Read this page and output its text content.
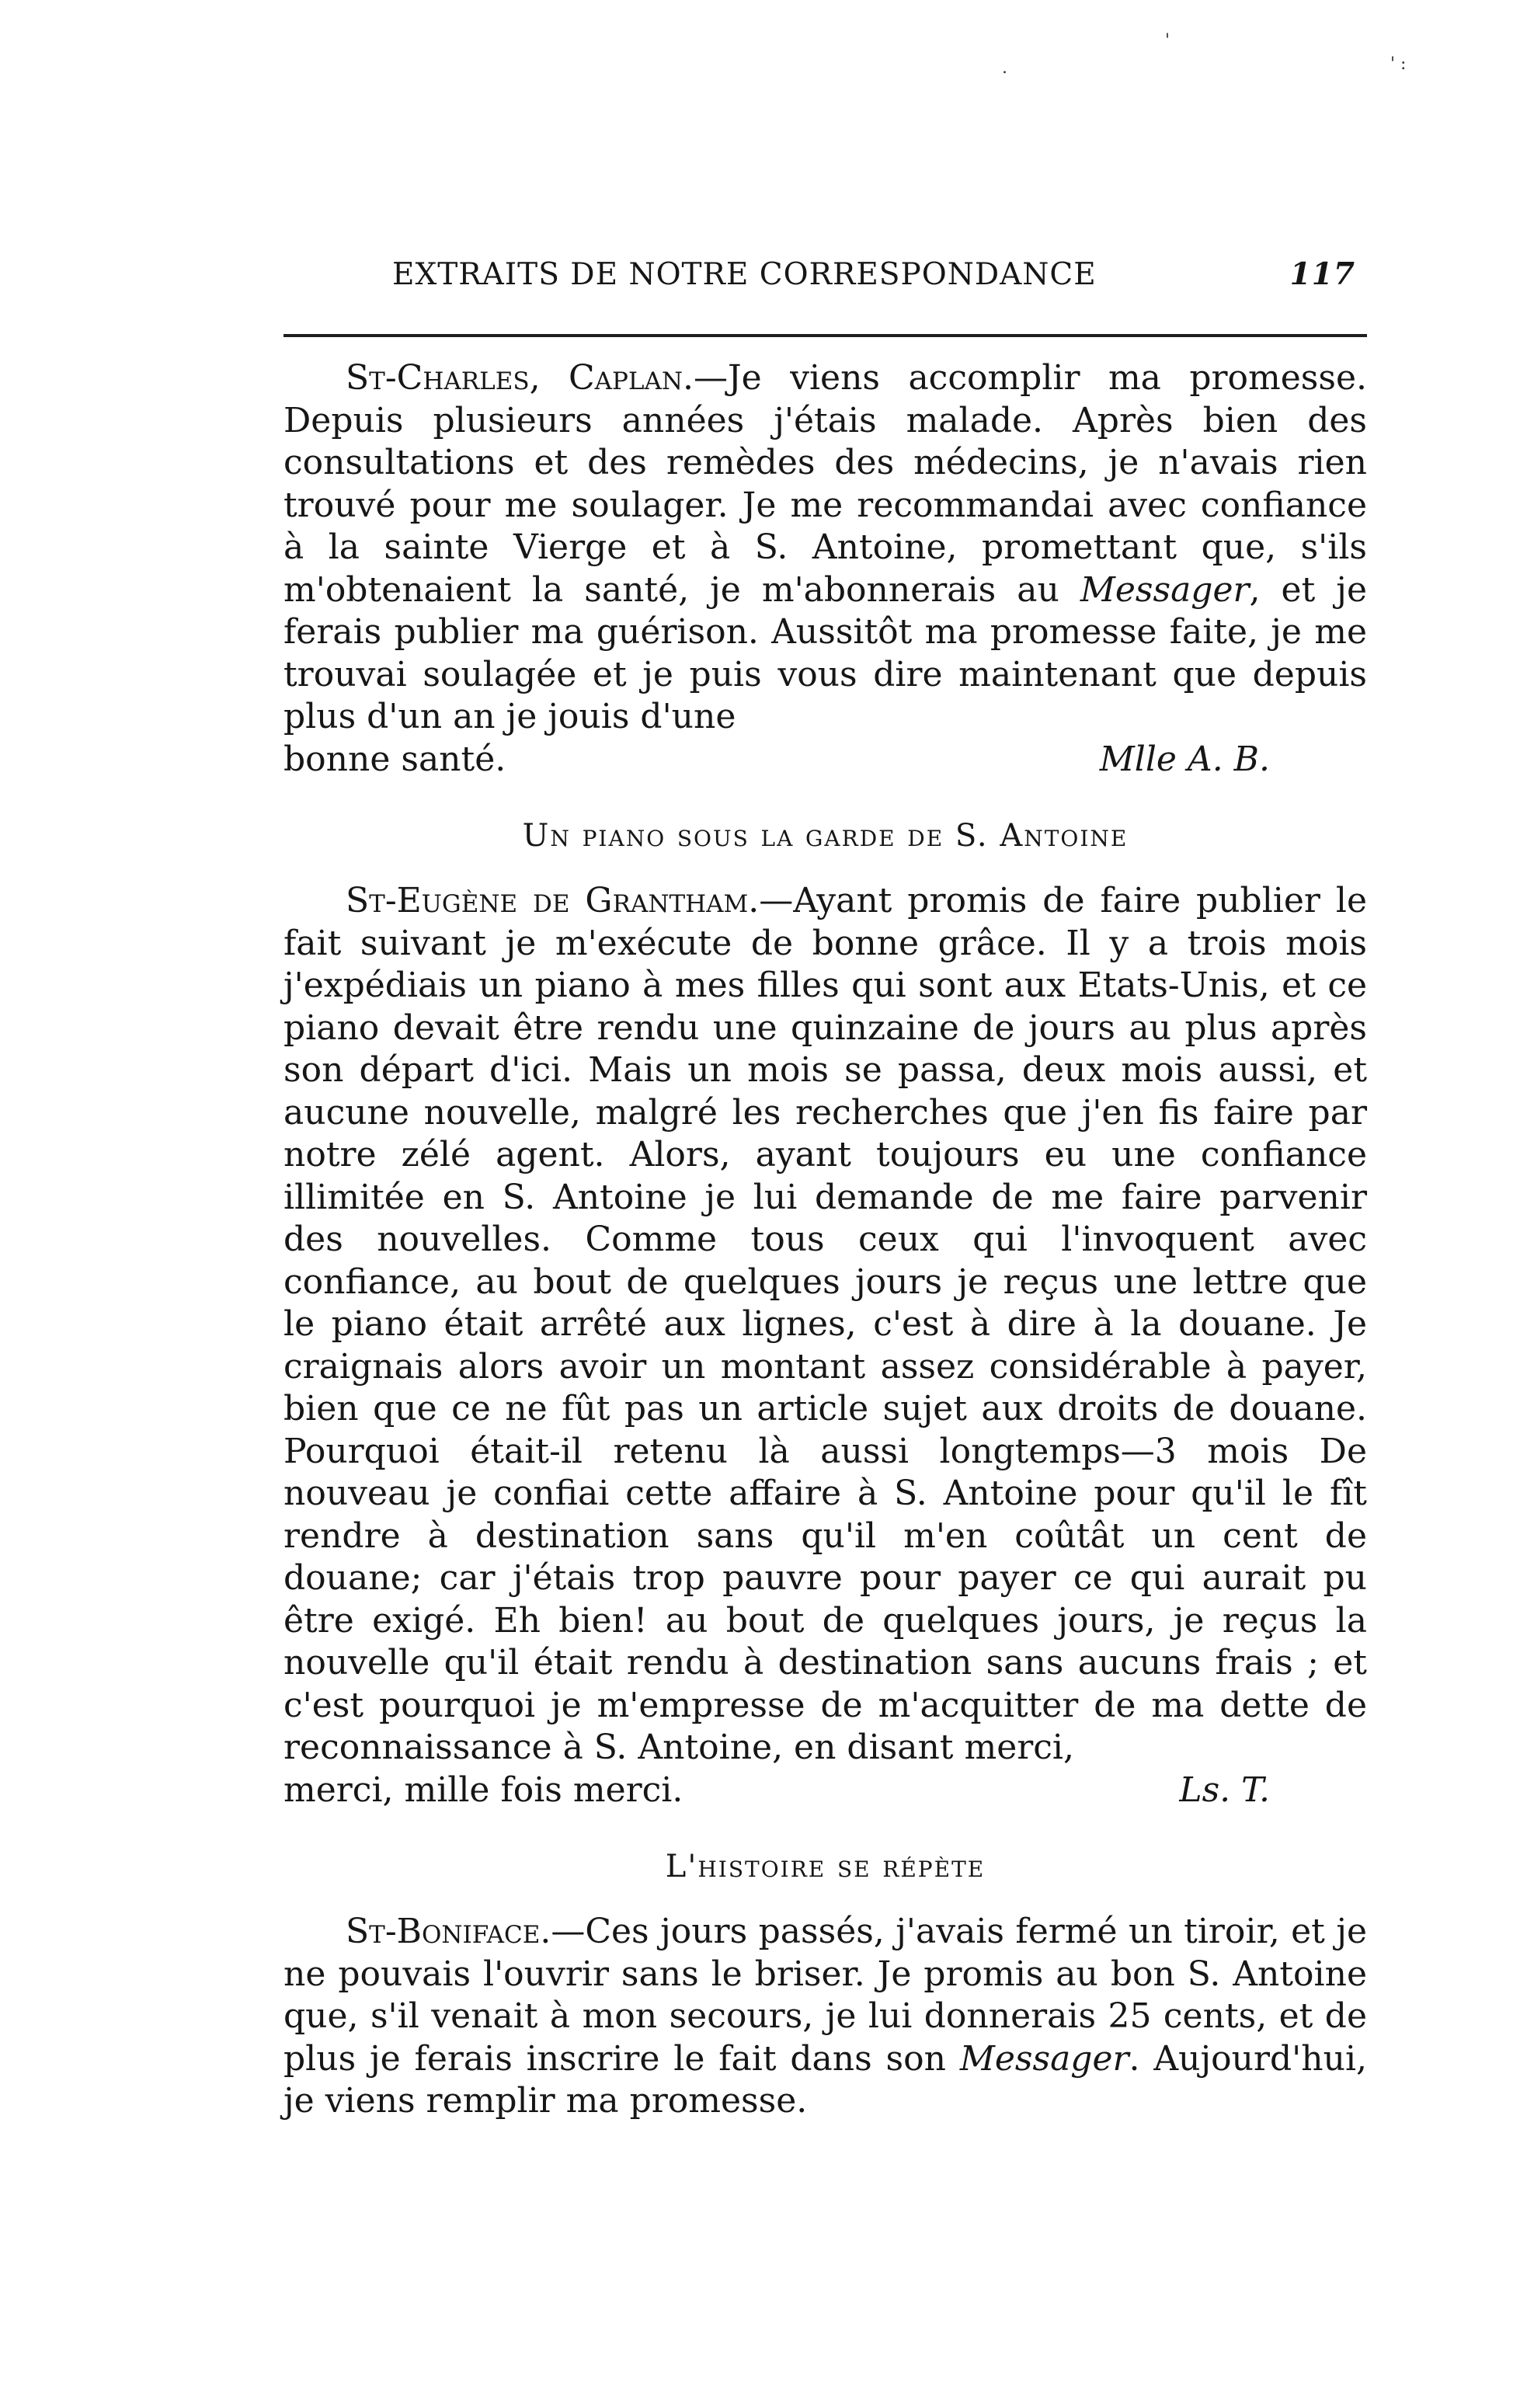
'
' :
.
EXTRAITS DE NOTRE CORRESPONDANCE	117

St-Charles, Caplan.—Je viens accomplir ma promesse. Depuis plusieurs années j'étais malade. Après bien des consultations et des remèdes des médecins, je n'avais rien trouvé pour me soulager. Je me recommandai avec confiance à la sainte Vierge et à S. Antoine, promettant que, s'ils m'obtenaient la santé, je m'abonnerais au Messager, et je ferais publier ma guérison. Aussitôt ma promesse faite, je me trouvai soulagée et je puis vous dire maintenant que depuis plus d'un an je jouis d'une

bonne santé.	Mlle A. B.
Un piano sous la garde de S. Antoine

St-Eugène de Grantham.—Ayant promis de faire publier le fait suivant je m'exécute de bonne grâce. Il y a trois mois j'expédiais un piano à mes filles qui sont aux Etats-Unis, et ce piano devait être rendu une quinzaine de jours au plus après son départ d'ici. Mais un mois se passa, deux mois aussi, et aucune nouvelle, malgré les recherches que j'en fis faire par notre zélé agent. Alors, ayant toujours eu une confiance illimitée en S. Antoine je lui demande de me faire parvenir des nouvelles. Comme tous ceux qui l'invoquent avec confiance, au bout de quelques jours je reçus une lettre que le piano était arrêté aux lignes, c'est à dire à la douane. Je craignais alors avoir un montant assez considérable à payer, bien que ce ne fût pas un article sujet aux droits de douane. Pourquoi était-il retenu là aussi longtemps—3 mois De nouveau je confiai cette affaire à S. Antoine pour qu'il le fît rendre à destination sans qu'il m'en coûtât un cent de douane; car j'étais trop pauvre pour payer ce qui aurait pu être exigé. Eh bien! au bout de quelques jours, je reçus la nouvelle qu'il était rendu à destination sans aucuns frais ; et c'est pourquoi je m'empresse de m'acquitter de ma dette de reconnaissance à S. Antoine, en disant merci,

merci, mille fois merci.	Ls. T.
L'histoire se répète

St-Boniface.—Ces jours passés, j'avais fermé un tiroir, et je ne pouvais l'ouvrir sans le briser. Je promis au bon S. Antoine que, s'il venait à mon secours, je lui donnerais 25 cents, et de plus je ferais inscrire le fait dans son Messager. Aujourd'hui, je viens remplir ma promesse.
